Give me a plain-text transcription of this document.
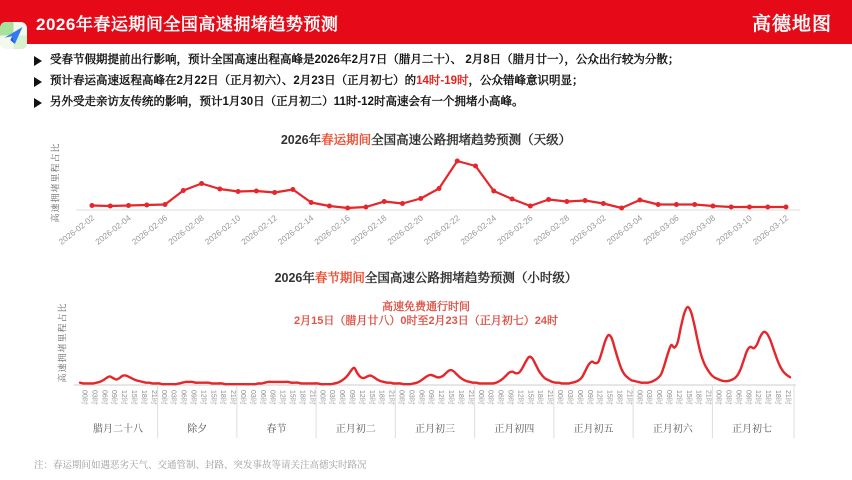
2026年春运期间全国高速拥堵趋势预测	高德地图
受春节假期提前出行影响，预计全国高速出程高峰是2026年2月7日（腊月二十）、 2月8日（腊月廿一），公众出行较为分散；
预计春运高速返程高峰在2月22日（正月初六）、2月23日（正月初七）的14时-19时，公众错峰意识明显；
另外受走亲访友传统的影响，预计1月30日（正月初二）11时-12时高速会有一个拥堵小高峰。
2026年春运期间全国高速公路拥堵趋势预测（天级）
高速拥堵里程占比
2026-02-02
2026-02-04
2026-02-06
2026-02-08
2026-02-10
2026-02-12
2026-02-14
2026-02-16
2026-02-18
2026-02-20
2026-02-22
2026-02-24
2026-02-26
2026-02-28
2026-03-02
2026-03-04
2026-03-06
2026-03-08
2026-03-10
2026-03-12
2026年春节期间全国高速公路拥堵趋势预测（小时级）
高速免费通行时间
2月15日（腊月廿八）0时至2月23日（正月初七）24时
高速拥堵里程占比
00时 03时 06时 09时 12时 15时 18时 21时
腊月二十八
00时 03时 06时 09时 12时 15时 18时 21时
除夕
00时 03时 06时 09时 12时 15时 18时 21时
春节
00时 03时 06时 09时 12时 15时 18时 21时
正月初二
00时 03时 06时 09时 12时 15时 18时 21时
正月初三
00时 03时 06时 09时 12时 15时 18时 21时
正月初四
00时 03时 06时 09时 12时 15时 18时 21时
正月初五
00时 03时 06时 09时 12时 15时 18时 21时
正月初六
00时 03时 06时 09时 12时 15时 18时 21时
正月初七
注：春运期间如遇恶劣天气、交通管制、封路、突发事故等请关注高德实时路况
